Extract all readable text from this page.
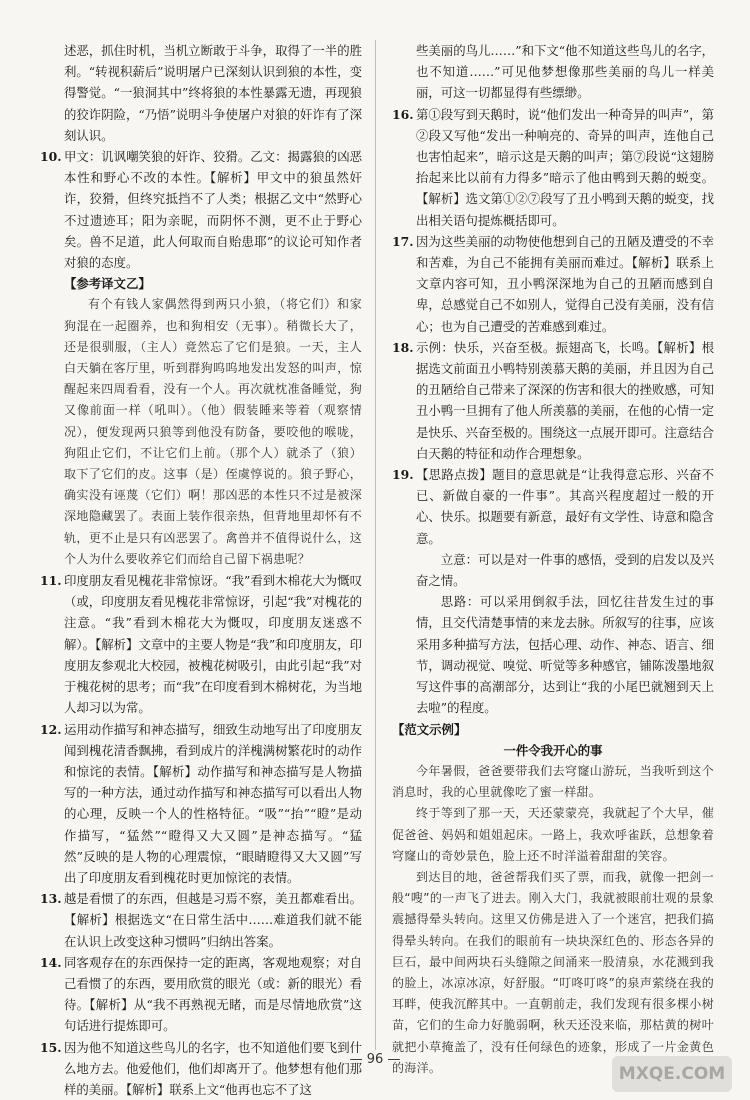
述恶，抓住时机，当机立断敢于斗争，取得了一半的胜利。“转视积薪后”说明屠户已深刻认识到狼的本性，变得警觉。“一狼洞其中”终将狼的本性暴露无遗，再现狼的狡诈阴险，“乃悟”说明斗争使屠户对狼的奸诈有了深刻认识。

10. 甲文：讥讽嘲笑狼的奸诈、狡猾。乙文：揭露狼的凶恶本性和野心不改的本性。【解析】甲文中的狼虽然奸诈，狡猾，但终究抵挡不了人类；根据乙文中“然野心不过遗迹耳；阳为亲昵，而阴怀不测，更不止于野心矣。兽不足道，此人何取而自贻患耶”的议论可知作者对狼的态度。

【参考译文乙】

有个有钱人家偶然得到两只小狼，（将它们）和家狗混在一起圈养，也和狗相安（无事）。稍微长大了，还是很驯服，（主人）竟然忘了它们是狼。一天，主人白天躺在客厅里，听到群狗呜呜地发出发怒的叫声，惊醒起来四周看看，没有一个人。再次就枕准备睡觉，狗又像前面一样（吼叫）。（他）假装睡来等着（观察情况），便发现两只狼等到他没有防备，要咬他的喉咙，狗阻止它们，不让它们上前。（那个人）就杀了（狼）取下了它们的皮。这事（是）侄虞惇说的。狼子野心，确实没有诬蔑（它们）啊！那凶恶的本性只不过是被深深地隐藏罢了。表面上装作很亲热，但背地里却怀有不轨，更不止是只有凶恶罢了。禽兽并不值得说什么，这个人为什么要收养它们而给自己留下祸患呢？

11. 印度朋友看见槐花非常惊讶。“我”看到木棉花大为慨叹（或，印度朋友看见槐花非常惊讶，引起“我”对槐花的注意。“我”看到木棉花大为慨叹，印度朋友迷惑不解）。【解析】文章中的主要人物是“我”和印度朋友，印度朋友参观北大校园，被槐花树吸引，由此引起“我”对于槐花树的思考；而“我”在印度看到木棉树花，为当地人却习以为常。

12. 运用动作描写和神态描写，细致生动地写出了印度朋友闻到槐花清香飘拂，看到成片的洋槐满树繁花时的动作和惊诧的表情。【解析】动作描写和神态描写是人物描写的一种方法，通过动作描写和神态描写可以看出人物的心理，反映一个人的性格特征。“吸”“抬”“瞪”是动作描写，“猛然”“瞪得又大又圆”是神态描写。“猛然”反映的是人物的心理震惊，“眼睛瞪得又大又圆”写出了印度朋友看到槐花时更加惊诧的表情。

13. 越是看惯了的东西，但越是习焉不察，美丑都难看出。【解析】根据选文“在日常生活中……难道我们就不能在认识上改变这种习惯吗”归纳出答案。

14. 同客观存在的东西保持一定的距离，客观地观察；对自己看惯了的东西，要用欣赏的眼光（或：新的眼光）看待。【解析】从“我不再熟视无睹，而是尽情地欣赏”这句话进行提炼即可。

15. 因为他不知道这些鸟儿的名字，也不知道他们要飞到什么地方去。他爱他们，他们却离开了。他梦想有他们那样的美丽。【解析】联系上文“他再也忘不了这

些美丽的鸟儿……”和下文“他不知道这些鸟儿的名字，也不知道……”可见他梦想像那些美丽的鸟儿一样美丽，可这一切都显得有些缥缈。

16. 第①段写到天鹅时，说“他们发出一种奇异的叫声”，第②段又写他“发出一种响亮的、奇异的叫声，连他自己也害怕起来”，暗示这是天鹅的叫声；第⑦段说“这翅膀抬起来比以前有力得多”暗示了他由鸭到天鹅的蜕变。【解析】选文第①②⑦段写了丑小鸭到天鹅的蜕变，找出相关语句提炼概括即可。

17. 因为这些美丽的动物使他想到自己的丑陋及遭受的不幸和苦难，为自己不能拥有美丽而难过。【解析】联系上文章内容可知，丑小鸭深深地为自己的丑陋而感到自卑，总感觉自己不如别人，觉得自己没有美丽，没有信心；也为自己遭受的苦难感到难过。

18. 示例：快乐，兴奋至极。振翅高飞，长鸣。【解析】根据选文前面丑小鸭特别羡慕天鹅的美丽，并且因为自己的丑陋给自己带来了深深的伤害和很大的挫败感，可知丑小鸭一旦拥有了他人所羡慕的美丽，在他的心情一定是快乐、兴奋至极的。围绕这一点展开即可。注意结合白天鹅的特征和动作合理想象。

19. 【思路点拨】题目的意思就是“让我得意忘形、兴奋不已、新做自豪的一件事”。其高兴程度超过一般的开心、快乐。拟题要有新意，最好有文学性、诗意和隐含意。

立意：可以是对一件事的感悟，受到的启发以及兴奋之情。

思路：可以采用倒叙手法，回忆往昔发生过的事情，且交代清楚事情的来龙去脉。所叙写的往事，应该采用多种描写方法，包括心理、动作、神态、语言、细节，调动视觉、嗅觉、听觉等多种感官，铺陈泼墨地叙写这件事的高潮部分，达到让“我的小尾巴就翘到天上去啦”的程度。

【范文示例】

一件令我开心的事

今年暑假，爸爸要带我们去穹窿山游玩，当我听到这个消息时，我的心里就像吃了蜜一样甜。

终于等到了那一天，天还蒙蒙亮，我就起了个大早，催促爸爸、妈妈和姐姐起床。一路上，我欢呼雀跃，总想象着穹窿山的奇妙景色，脸上还不时洋溢着甜甜的笑容。

到达目的地，爸爸帮我们买了票，而我，就像一把剑一般“嗖”的一声飞了进去。刚入大门，我就被眼前壮观的景象震撼得晕头转向。这里又仿佛是进入了一个迷宫，把我们搞得晕头转向。在我们的眼前有一块块深红色的、形态各异的巨石，最中间两块石头缝隙之间涌来一股清泉，水花溅到我的脸上，冰凉冰凉，好舒服。“叮咚叮咚”的泉声萦绕在我的耳畔，使我沉醉其中。一直朝前走，我们发现有很多棵小树苗，它们的生命力好脆弱啊，秋天还没来临，那枯黄的树叶就把小草掩盖了，没有任何绿色的迹象，形成了一片金黄色的海洋。

— 96 —
MXQE.COM
